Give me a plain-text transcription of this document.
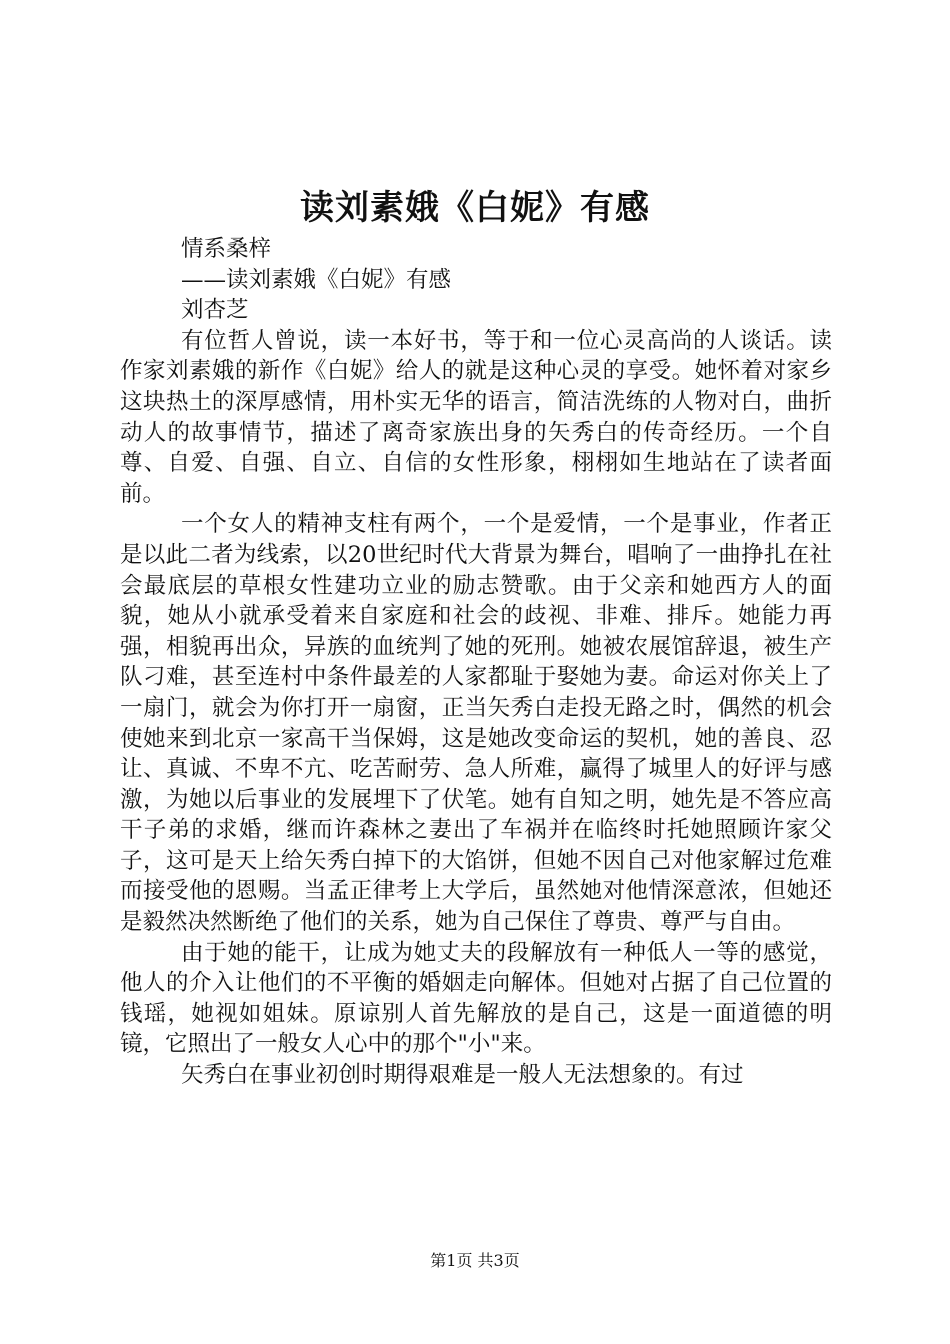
读刘素娥《白妮》有感

情系桑梓

——读刘素娥《白妮》有感

刘杏芝

有位哲人曾说，读一本好书，等于和一位心灵高尚的人谈话。读作家刘素娥的新作《白妮》给人的就是这种心灵的享受。她怀着对家乡这块热土的深厚感情，用朴实无华的语言，简洁洗练的人物对白，曲折动人的故事情节，描述了离奇家族出身的矢秀白的传奇经历。一个自尊、自爱、自强、自立、自信的女性形象，栩栩如生地站在了读者面前。

一个女人的精神支柱有两个，一个是爱情，一个是事业，作者正是以此二者为线索，以20世纪时代大背景为舞台，唱响了一曲挣扎在社会最底层的草根女性建功立业的励志赞歌。由于父亲和她西方人的面貌，她从小就承受着来自家庭和社会的歧视、非难、排斥。她能力再强，相貌再出众，异族的血统判了她的死刑。她被农展馆辞退，被生产队刁难，甚至连村中条件最差的人家都耻于娶她为妻。命运对你关上了一扇门，就会为你打开一扇窗，正当矢秀白走投无路之时，偶然的机会使她来到北京一家高干当保姆，这是她改变命运的契机，她的善良、忍让、真诚、不卑不亢、吃苦耐劳、急人所难，赢得了城里人的好评与感激，为她以后事业的发展埋下了伏笔。她有自知之明，她先是不答应高干子弟的求婚，继而许森林之妻出了车祸并在临终时托她照顾许家父子，这可是天上给矢秀白掉下的大馅饼，但她不因自己对他家解过危难而接受他的恩赐。当孟正律考上大学后，虽然她对他情深意浓，但她还是毅然决然断绝了他们的关系，她为自己保住了尊贵、尊严与自由。

由于她的能干，让成为她丈夫的段解放有一种低人一等的感觉，他人的介入让他们的不平衡的婚姻走向解体。但她对占据了自己位置的钱瑶，她视如姐妹。原谅别人首先解放的是自己，这是一面道德的明镜，它照出了一般女人心中的那个"小"来。

矢秀白在事业初创时期得艰难是一般人无法想象的。有过

第1页 共3页
